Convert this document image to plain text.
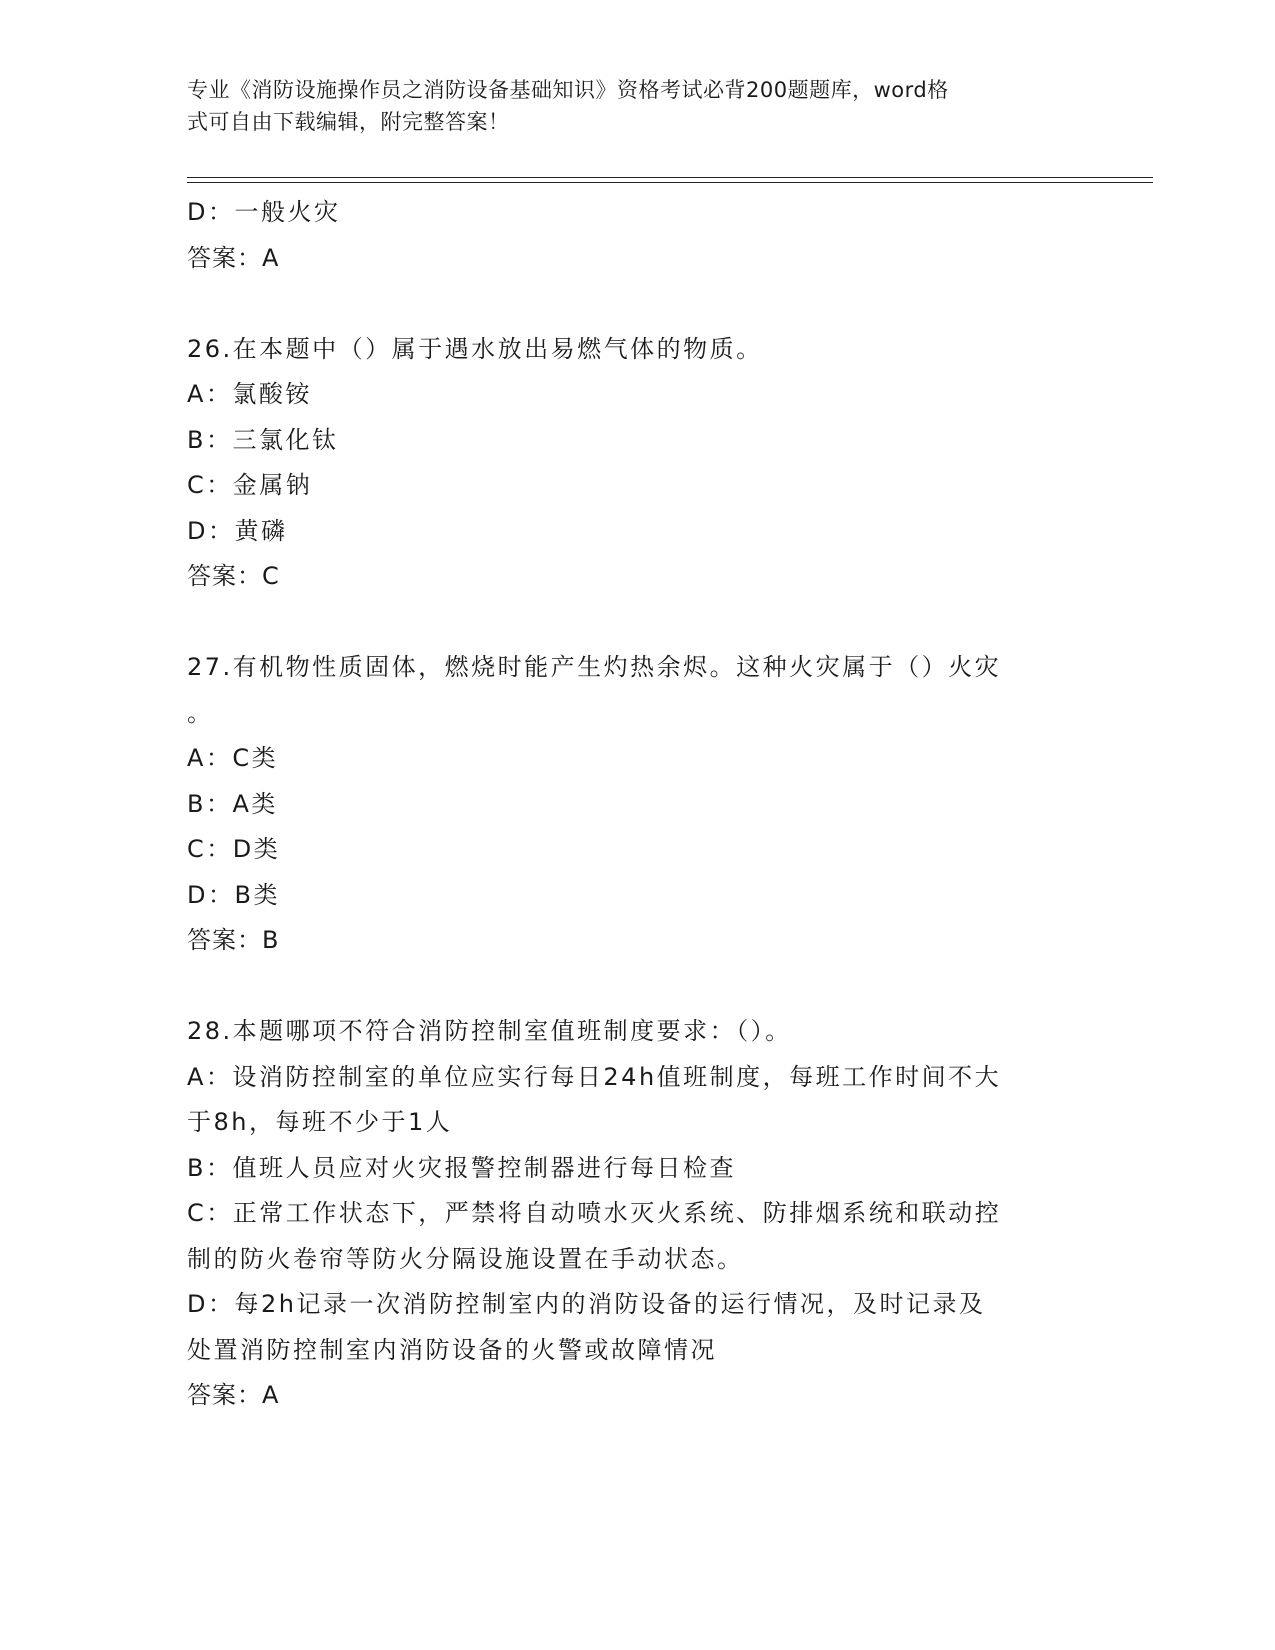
专业《消防设施操作员之消防设备基础知识》资格考试必背200题题库，word格
式可自由下载编辑，附完整答案！
D：一般火灾
答案：A
26.在本题中（）属于遇水放出易燃气体的物质。
A：氯酸铵
B：三氯化钛
C：金属钠
D：黄磷
答案：C
27.有机物性质固体，燃烧时能产生灼热余烬。这种火灾属于（）火灾
。
A：C类
B：A类
C：D类
D：B类
答案：B
28.本题哪项不符合消防控制室值班制度要求：（）。
A：设消防控制室的单位应实行每日24h值班制度，每班工作时间不大
于8h，每班不少于1人
B：值班人员应对火灾报警控制器进行每日检查
C：正常工作状态下，严禁将自动喷水灭火系统、防排烟系统和联动控
制的防火卷帘等防火分隔设施设置在手动状态。
D：每2h记录一次消防控制室内的消防设备的运行情况，及时记录及
处置消防控制室内消防设备的火警或故障情况
答案：A
